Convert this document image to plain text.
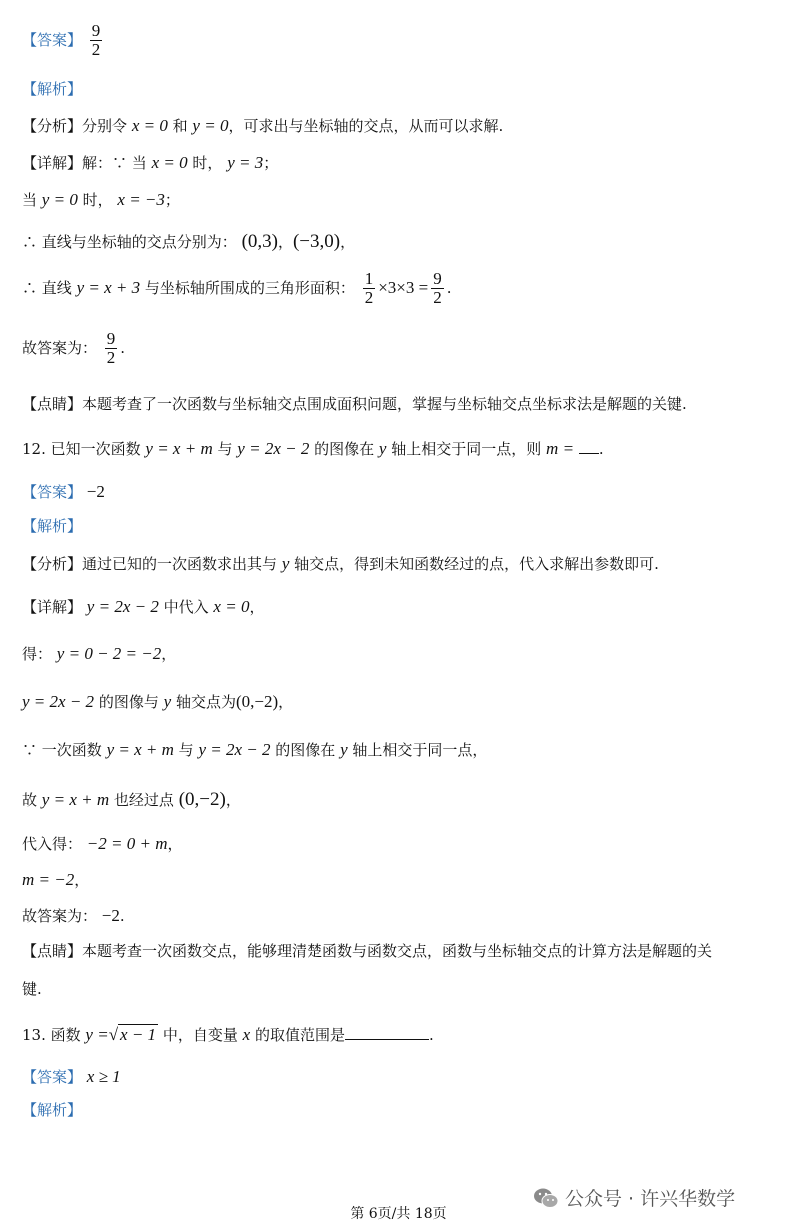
【答案】 $\frac{9}{2}$
【解析】
【分析】分别令 x = 0 和 y = 0，可求出与坐标轴的交点，从而可以求解.
【详解】解：∵ 当 x = 0 时， y = 3；
当 y = 0 时， x = −3；
∴ 直线与坐标轴的交点分别为： (0,3)，(−3,0)，
∴ 直线 y = x + 3 与坐标轴所围成的三角形面积： $\frac{1}{2} \times 3\times 3 = \frac{9}{2}$ .
故答案为： $\frac{9}{2}$ .
【点睛】本题考查了一次函数与坐标轴交点围成面积问题，掌握与坐标轴交点坐标求法是解题的关键.
12. 已知一次函数 y = x + m 与 y = 2x − 2 的图像在 y 轴上相交于同一点，则 m = .
【答案】 −2
【解析】
【分析】通过已知的一次函数求出其与 y 轴交点，得到未知函数经过的点，代入求解出参数即可.
【详解】 y = 2x − 2 中代入 x = 0，
得： y = 0 − 2 = −2，
y = 2x − 2 的图像与 y 轴交点为(0,−2)，
∵ 一次函数 y = x + m 与 y = 2x − 2 的图像在 y 轴上相交于同一点，
故 y = x + m 也经过点 (0,−2)，
代入得： −2 = 0 + m，
m = −2，
故答案为： −2.
【点睛】本题考查一次函数交点，能够理清楚函数与函数交点，函数与坐标轴交点的计算方法是解题的关
键.
13. 函数 y =√ x − 1 中，自变量 x 的取值范围是	.
【答案】 x ≥ 1
【解析】
公众号 · 许兴华数学
第 6页/共 18页
